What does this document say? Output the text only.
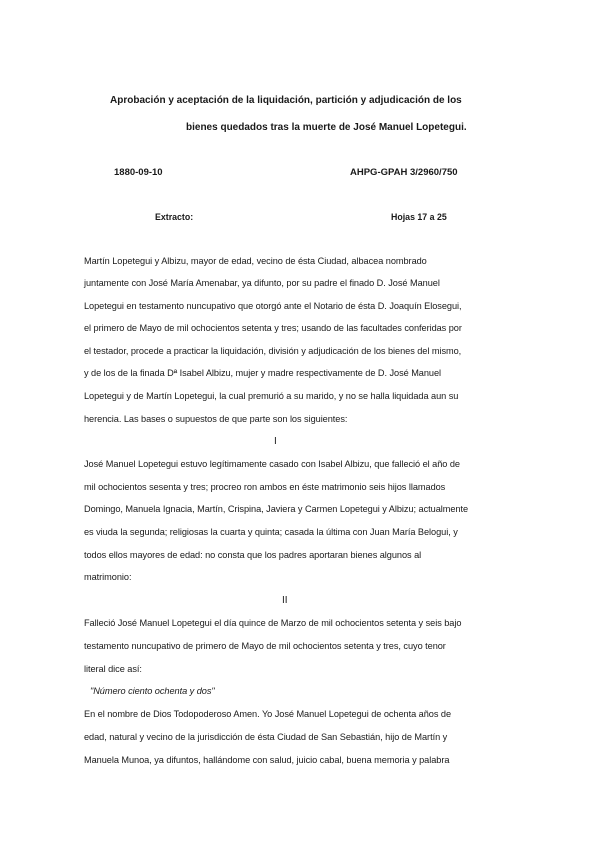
Aprobación y aceptación de la liquidación, partición y adjudicación de los
bienes quedados tras la muerte de José Manuel Lopetegui.
1880-09-10	AHPG-GPAH 3/2960/750
Extracto:	Hojas 17 a 25
Martín Lopetegui y Albizu, mayor de edad, vecino de ésta Ciudad, albacea nombrado
juntamente con José María Amenabar, ya difunto, por su padre el finado D. José Manuel
Lopetegui en testamento nuncupativo que otorgó ante el Notario de ésta D. Joaquín Elosegui,
el primero de Mayo de mil ochocientos setenta y tres; usando de las facultades conferidas por
el testador, procede a practicar la liquidación, división y adjudicación de los bienes del mismo,
y de los de la finada Dª Isabel Albizu, mujer y madre respectivamente de D. José Manuel
Lopetegui y de Martín Lopetegui, la cual premurió a su marido, y no se halla liquidada aun su
herencia. Las bases o supuestos de que parte son los siguientes:
I
José Manuel Lopetegui estuvo legítimamente casado con Isabel Albizu, que falleció el año de
mil ochocientos sesenta y tres; procreo ron ambos en éste matrimonio seis hijos llamados
Domingo, Manuela Ignacia, Martín, Crispina, Javiera y Carmen Lopetegui y Albizu; actualmente
es viuda la segunda; religiosas la cuarta y quinta; casada la última con Juan María Belogui, y
todos ellos mayores de edad: no consta que los padres aportaran bienes algunos al
matrimonio:
II
Falleció José Manuel Lopetegui el día quince de Marzo de mil ochocientos setenta y seis bajo
testamento nuncupativo de primero de Mayo de mil ochocientos setenta y tres, cuyo tenor
literal dice así:
"Número ciento ochenta y dos"
En el nombre de Dios Todopoderoso Amen. Yo José Manuel Lopetegui de ochenta años de
edad, natural y vecino de la jurisdicción de ésta Ciudad de San Sebastián, hijo de Martín y
Manuela Munoa, ya difuntos, hallándome con salud, juicio cabal, buena memoria y palabra
